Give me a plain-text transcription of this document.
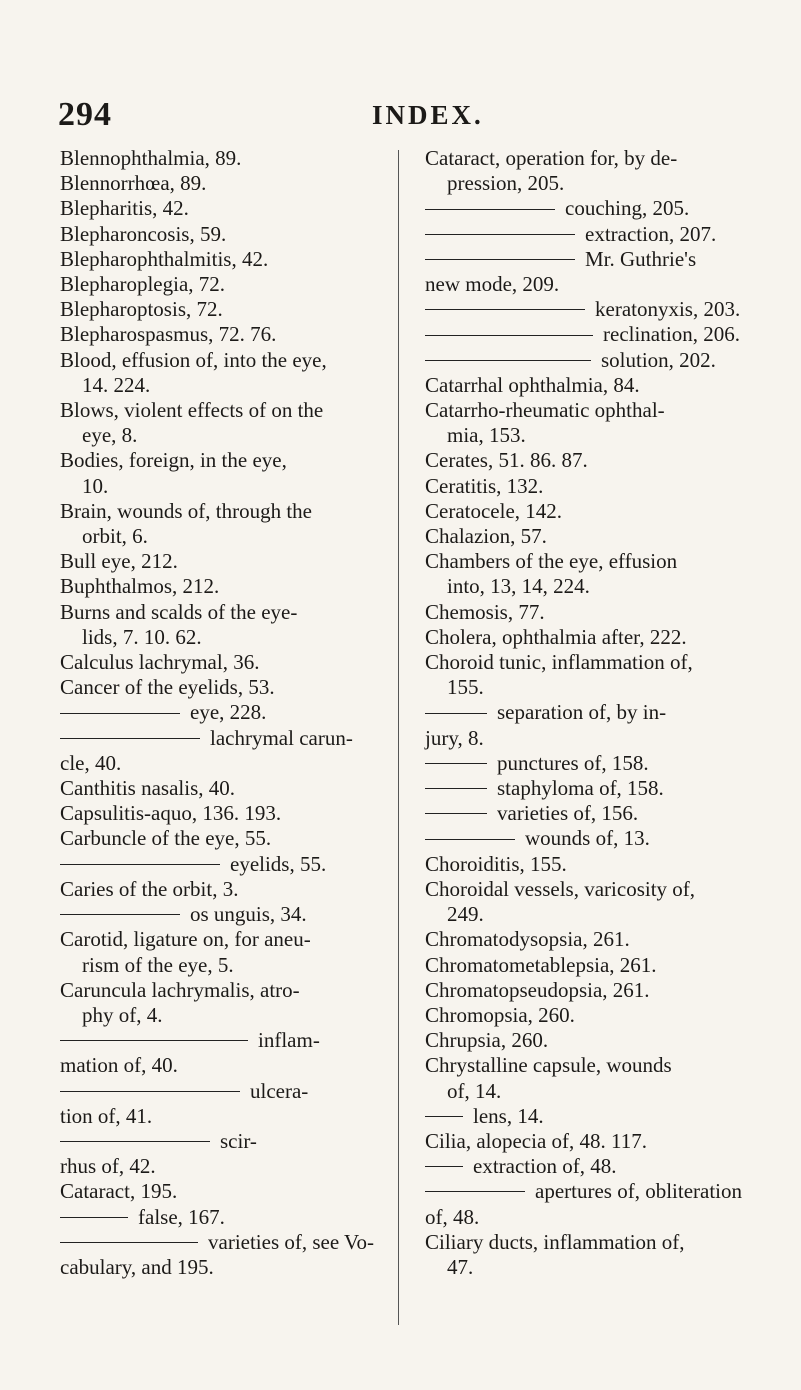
294	INDEX.
Blennophthalmia, 89.
Blennorrhœa, 89.
Blepharitis, 42.
Blepharoncosis, 59.
Blepharophthalmitis, 42.
Blepharoplegia, 72.
Blepharoptosis, 72.
Blepharospasmus, 72. 76.
Blood, effusion of, into the eye,
14. 224.
Blows, violent effects of on the
eye, 8.
Bodies, foreign, in the eye,
10.
Brain, wounds of, through the
orbit, 6.
Bull eye, 212.
Buphthalmos, 212.
Burns and scalds of the eye-
lids, 7. 10. 62.
Calculus lachrymal, 36.
Cancer of the eyelids, 53.
eye, 228.
lachrymal carun-
cle, 40.
Canthitis nasalis, 40.
Capsulitis-aquo, 136. 193.
Carbuncle of the eye, 55.
eyelids, 55.
Caries of the orbit, 3.
os unguis, 34.
Carotid, ligature on, for aneu-
rism of the eye, 5.
Caruncula lachrymalis, atro-
phy of, 4.
inflam-
mation of, 40.
ulcera-
tion of, 41.
scir-
rhus of, 42.
Cataract, 195.
false, 167.
varieties of, see Vo-
cabulary, and 195.
Cataract, operation for, by de-
pression, 205.
couching, 205.
extraction, 207.
Mr. Guthrie's
new mode, 209.
keratonyxis, 203.
reclination, 206.
solution, 202.
Catarrhal ophthalmia, 84.
Catarrho-rheumatic ophthal-
mia, 153.
Cerates, 51. 86. 87.
Ceratitis, 132.
Ceratocele, 142.
Chalazion, 57.
Chambers of the eye, effusion
into, 13, 14, 224.
Chemosis, 77.
Cholera, ophthalmia after, 222.
Choroid tunic, inflammation of,
155.
separation of, by in-
jury, 8.
punctures of, 158.
staphyloma of, 158.
varieties of, 156.
wounds of, 13.
Choroiditis, 155.
Choroidal vessels, varicosity of,
249.
Chromatodysopsia, 261.
Chromatometablepsia, 261.
Chromatopseudopsia, 261.
Chromopsia, 260.
Chrupsia, 260.
Chrystalline capsule, wounds
of, 14.
lens, 14.
Cilia, alopecia of, 48. 117.
extraction of, 48.
apertures of, obliteration
of, 48.
Ciliary ducts, inflammation of,
47.
